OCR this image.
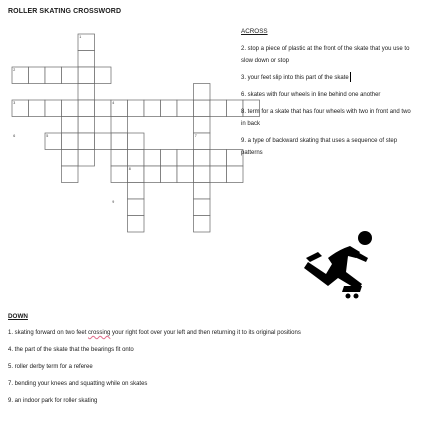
ROLLER SKATING CROSSWORD
1
2
3	4
5
6	7
8
9
ACROSS
2. stop a piece of plastic at the front of the skate that you use to slow down or stop
3. your feet slip into this part of the skate
6. skates with four wheels in line behind one another
8. term for a skate that has four wheels with two in front and two in back
9. a type of backward skating that uses a sequence of step patterns
DOWN
1. skating forward on two feet crossing your right foot over your left and then returning it to its original positions
4. the part of the skate that the bearings fit onto
5. roller derby term for a referee
7. bending your knees and squatting while on skates
9. an indoor park for roller skating
